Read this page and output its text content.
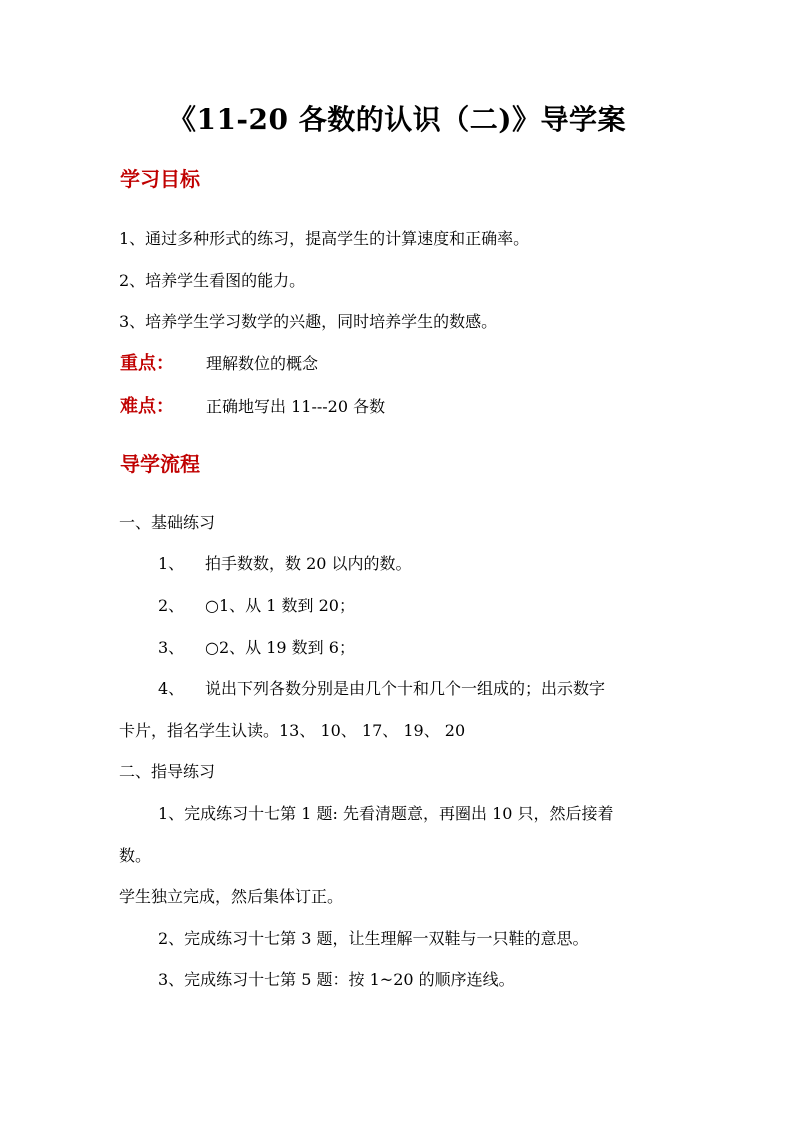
《11-20 各数的认识（二)》导学案
学习目标

1、通过多种形式的练习，提高学生的计算速度和正确率。

2、培养学生看图的能力。

3、培养学生学习数学的兴趣，同时培养学生的数感。

重点： 理解数位的概念
难点： 正确地写出 11---20 各数
导学流程

一、基础练习

1、 拍手数数，数 20 以内的数。
2、 ○1、从 1 数到 20；
3、 ○2、从 19 数到 6；
4、 说出下列各数分别是由几个十和几个一组成的；出示数字

卡片，指名学生认读。13、 10、 17、 19、 20

二、指导练习

1、完成练习十七第 1 题: 先看清题意，再圈出 10 只，然后接着

数。

学生独立完成，然后集体订正。

2、完成练习十七第 3 题，让生理解一双鞋与一只鞋的意思。

3、完成练习十七第 5 题：按 1~20 的顺序连线。
